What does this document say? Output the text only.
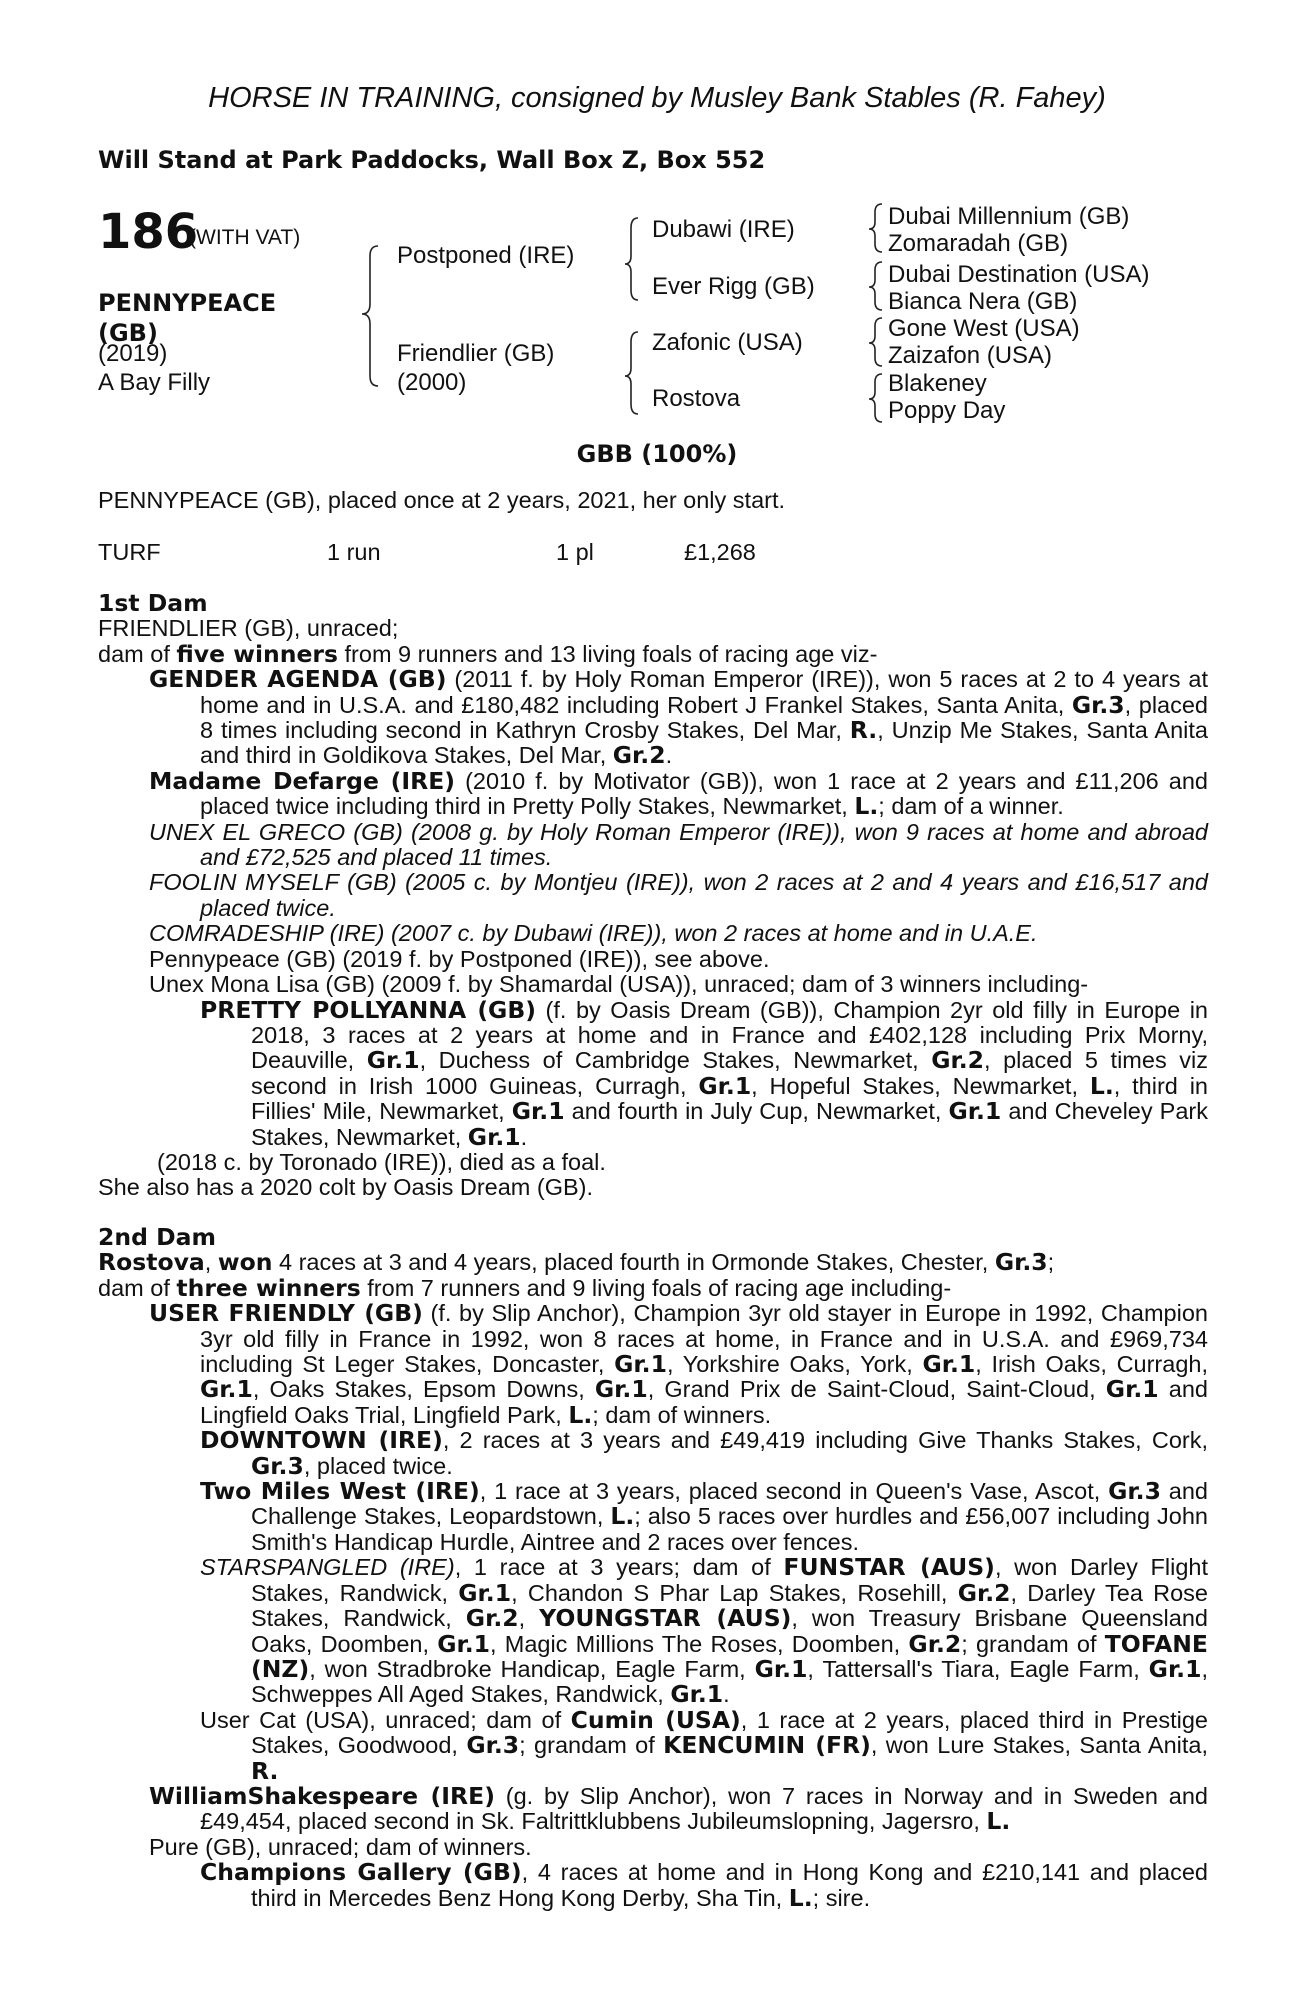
HORSE IN TRAINING, consigned by Musley Bank Stables (R. Fahey)
Will Stand at Park Paddocks, Wall Box Z, Box 552
186
(WITH VAT)
PENNYPEACE
(GB)
(2019)
A Bay Filly
Postponed (IRE)
Friendlier (GB)
(2000)
Dubawi (IRE)
Ever Rigg (GB)
Zafonic (USA)
Rostova
Dubai Millennium (GB)
Zomaradah (GB)
Dubai Destination (USA)
Bianca Nera (GB)
Gone West (USA)
Zaizafon (USA)
Blakeney
Poppy Day
GBB (100%)
PENNYPEACE (GB), placed once at 2 years, 2021, her only start.
TURF	1 run	1 pl	£1,268
1st Dam
FRIENDLIER (GB), unraced;
dam of five winners from 9 runners and 13 living foals of racing age viz-
GENDER AGENDA (GB) (2011 f. by Holy Roman Emperor (IRE)), won 5 races at 2 to 4 years at home and in U.S.A. and £180,482 including Robert J Frankel Stakes, Santa Anita, Gr.3, placed 8 times including second in Kathryn Crosby Stakes, Del Mar, R., Unzip Me Stakes, Santa Anita and third in Goldikova Stakes, Del Mar, Gr.2.
Madame Defarge (IRE) (2010 f. by Motivator (GB)), won 1 race at 2 years and £11,206 and placed twice including third in Pretty Polly Stakes, Newmarket, L.; dam of a winner.
UNEX EL GRECO (GB) (2008 g. by Holy Roman Emperor (IRE)), won 9 races at home and abroad and £72,525 and placed 11 times.
FOOLIN MYSELF (GB) (2005 c. by Montjeu (IRE)), won 2 races at 2 and 4 years and £16,517 and placed twice.
COMRADESHIP (IRE) (2007 c. by Dubawi (IRE)), won 2 races at home and in U.A.E.
Pennypeace (GB) (2019 f. by Postponed (IRE)), see above.
Unex Mona Lisa (GB) (2009 f. by Shamardal (USA)), unraced; dam of 3 winners including-
PRETTY POLLYANNA (GB) (f. by Oasis Dream (GB)), Champion 2yr old filly in Europe in 2018, 3 races at 2 years at home and in France and £402,128 including Prix Morny, Deauville, Gr.1, Duchess of Cambridge Stakes, Newmarket, Gr.2, placed 5 times viz second in Irish 1000 Guineas, Curragh, Gr.1, Hopeful Stakes, Newmarket, L., third in Fillies' Mile, Newmarket, Gr.1 and fourth in July Cup, Newmarket, Gr.1 and Cheveley Park Stakes, Newmarket, Gr.1.
(2018 c. by Toronado (IRE)), died as a foal.
She also has a 2020 colt by Oasis Dream (GB).
2nd Dam
Rostova, won 4 races at 3 and 4 years, placed fourth in Ormonde Stakes, Chester, Gr.3;
dam of three winners from 7 runners and 9 living foals of racing age including-
USER FRIENDLY (GB) (f. by Slip Anchor), Champion 3yr old stayer in Europe in 1992, Champion 3yr old filly in France in 1992, won 8 races at home, in France and in U.S.A. and £969,734 including St Leger Stakes, Doncaster, Gr.1, Yorkshire Oaks, York, Gr.1, Irish Oaks, Curragh, Gr.1, Oaks Stakes, Epsom Downs, Gr.1, Grand Prix de Saint-Cloud, Saint-Cloud, Gr.1 and Lingfield Oaks Trial, Lingfield Park, L.; dam of winners.
DOWNTOWN (IRE), 2 races at 3 years and £49,419 including Give Thanks Stakes, Cork, Gr.3, placed twice.
Two Miles West (IRE), 1 race at 3 years, placed second in Queen's Vase, Ascot, Gr.3 and Challenge Stakes, Leopardstown, L.; also 5 races over hurdles and £56,007 including John Smith's Handicap Hurdle, Aintree and 2 races over fences.
STARSPANGLED (IRE), 1 race at 3 years; dam of FUNSTAR (AUS), won Darley Flight Stakes, Randwick, Gr.1, Chandon S Phar Lap Stakes, Rosehill, Gr.2, Darley Tea Rose Stakes, Randwick, Gr.2, YOUNGSTAR (AUS), won Treasury Brisbane Queensland Oaks, Doomben, Gr.1, Magic Millions The Roses, Doomben, Gr.2; grandam of TOFANE (NZ), won Stradbroke Handicap, Eagle Farm, Gr.1, Tattersall's Tiara, Eagle Farm, Gr.1, Schweppes All Aged Stakes, Randwick, Gr.1.
User Cat (USA), unraced; dam of Cumin (USA), 1 race at 2 years, placed third in Prestige Stakes, Goodwood, Gr.3; grandam of KENCUMIN (FR), won Lure Stakes, Santa Anita, R.
WilliamShakespeare (IRE) (g. by Slip Anchor), won 7 races in Norway and in Sweden and £49,454, placed second in Sk. Faltrittklubbens Jubileumslopning, Jagersro, L.
Pure (GB), unraced; dam of winners.
Champions Gallery (GB), 4 races at home and in Hong Kong and £210,141 and placed third in Mercedes Benz Hong Kong Derby, Sha Tin, L.; sire.
